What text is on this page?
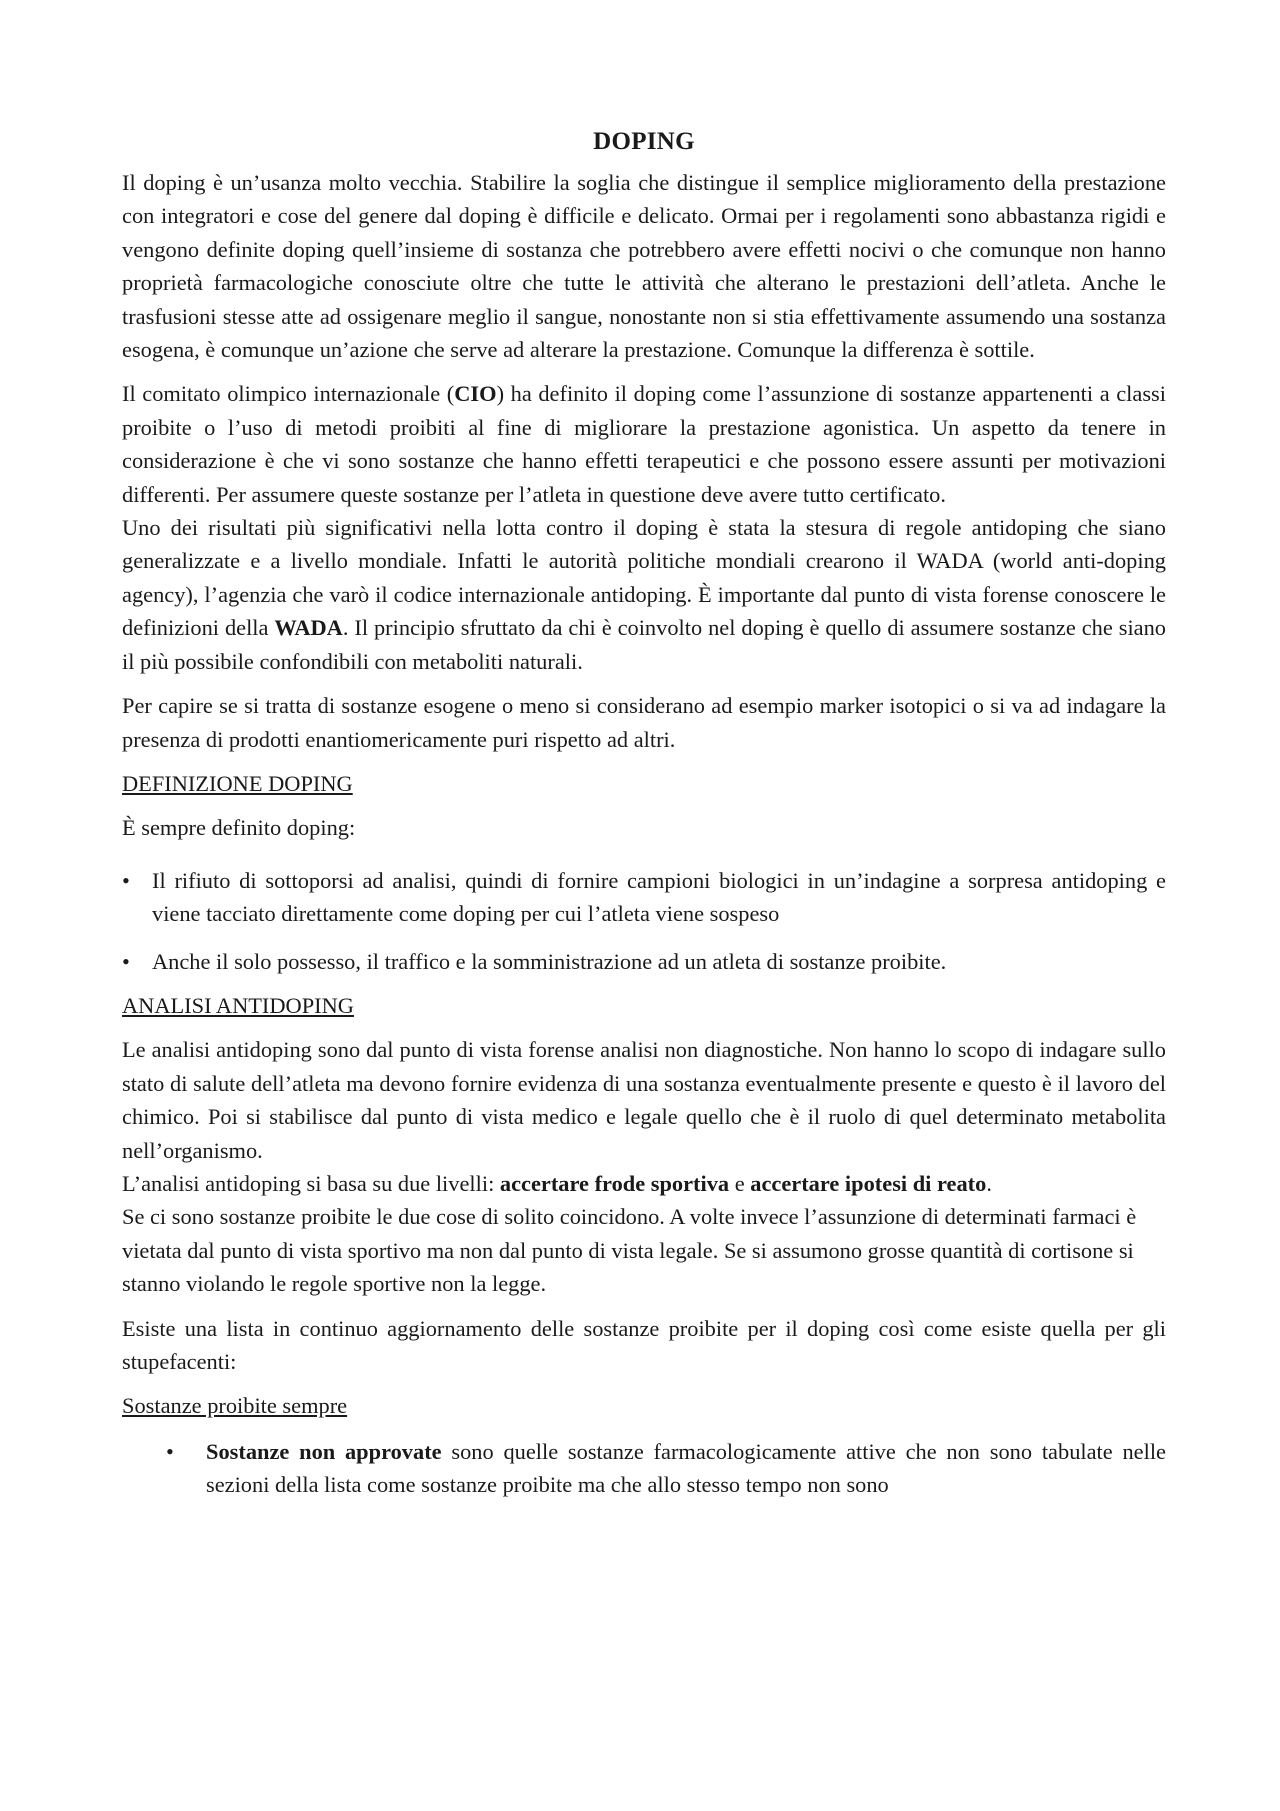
DOPING

Il doping è un’usanza molto vecchia. Stabilire la soglia che distingue il semplice miglioramento della prestazione con integratori e cose del genere dal doping è difficile e delicato. Ormai per i regolamenti sono abbastanza rigidi e vengono definite doping quell’insieme di sostanza che potrebbero avere effetti nocivi o che comunque non hanno proprietà farmacologiche conosciute oltre che tutte le attività che alterano le prestazioni dell’atleta. Anche le trasfusioni stesse atte ad ossigenare meglio il sangue, nonostante non si stia effettivamente assumendo una sostanza esogena, è comunque un’azione che serve ad alterare la prestazione. Comunque la differenza è sottile.

Il comitato olimpico internazionale (CIO) ha definito il doping come l’assunzione di sostanze appartenenti a classi proibite o l’uso di metodi proibiti al fine di migliorare la prestazione agonistica. Un aspetto da tenere in considerazione è che vi sono sostanze che hanno effetti terapeutici e che possono essere assunti per motivazioni differenti. Per assumere queste sostanze per l’atleta in questione deve avere tutto certificato.

Uno dei risultati più significativi nella lotta contro il doping è stata la stesura di regole antidoping che siano generalizzate e a livello mondiale. Infatti le autorità politiche mondiali crearono il WADA (world anti-doping agency), l’agenzia che varò il codice internazionale antidoping. È importante dal punto di vista forense conoscere le definizioni della WADA. Il principio sfruttato da chi è coinvolto nel doping è quello di assumere sostanze che siano il più possibile confondibili con metaboliti naturali.

Per capire se si tratta di sostanze esogene o meno si considerano ad esempio marker isotopici o si va ad indagare la presenza di prodotti enantiomericamente puri rispetto ad altri.

DEFINIZIONE DOPING

È sempre definito doping:

• Il rifiuto di sottoporsi ad analisi, quindi di fornire campioni biologici in un’indagine a sorpresa antidoping e viene tacciato direttamente come doping per cui l’atleta viene sospeso
• Anche il solo possesso, il traffico e la somministrazione ad un atleta di sostanze proibite.
ANALISI ANTIDOPING

Le analisi antidoping sono dal punto di vista forense analisi non diagnostiche. Non hanno lo scopo di indagare sullo stato di salute dell’atleta ma devono fornire evidenza di una sostanza eventualmente presente e questo è il lavoro del chimico. Poi si stabilisce dal punto di vista medico e legale quello che è il ruolo di quel determinato metabolita nell’organismo.

L’analisi antidoping si basa su due livelli: accertare frode sportiva e accertare ipotesi di reato.

Se ci sono sostanze proibite le due cose di solito coincidono. A volte invece l’assunzione di determinati farmaci è vietata dal punto di vista sportivo ma non dal punto di vista legale. Se si assumono grosse quantità di cortisone si stanno violando le regole sportive non la legge.

Esiste una lista in continuo aggiornamento delle sostanze proibite per il doping così come esiste quella per gli stupefacenti:

Sostanze proibite sempre
• Sostanze non approvate sono quelle sostanze farmacologicamente attive che non sono tabulate nelle sezioni della lista come sostanze proibite ma che allo stesso tempo non sono
